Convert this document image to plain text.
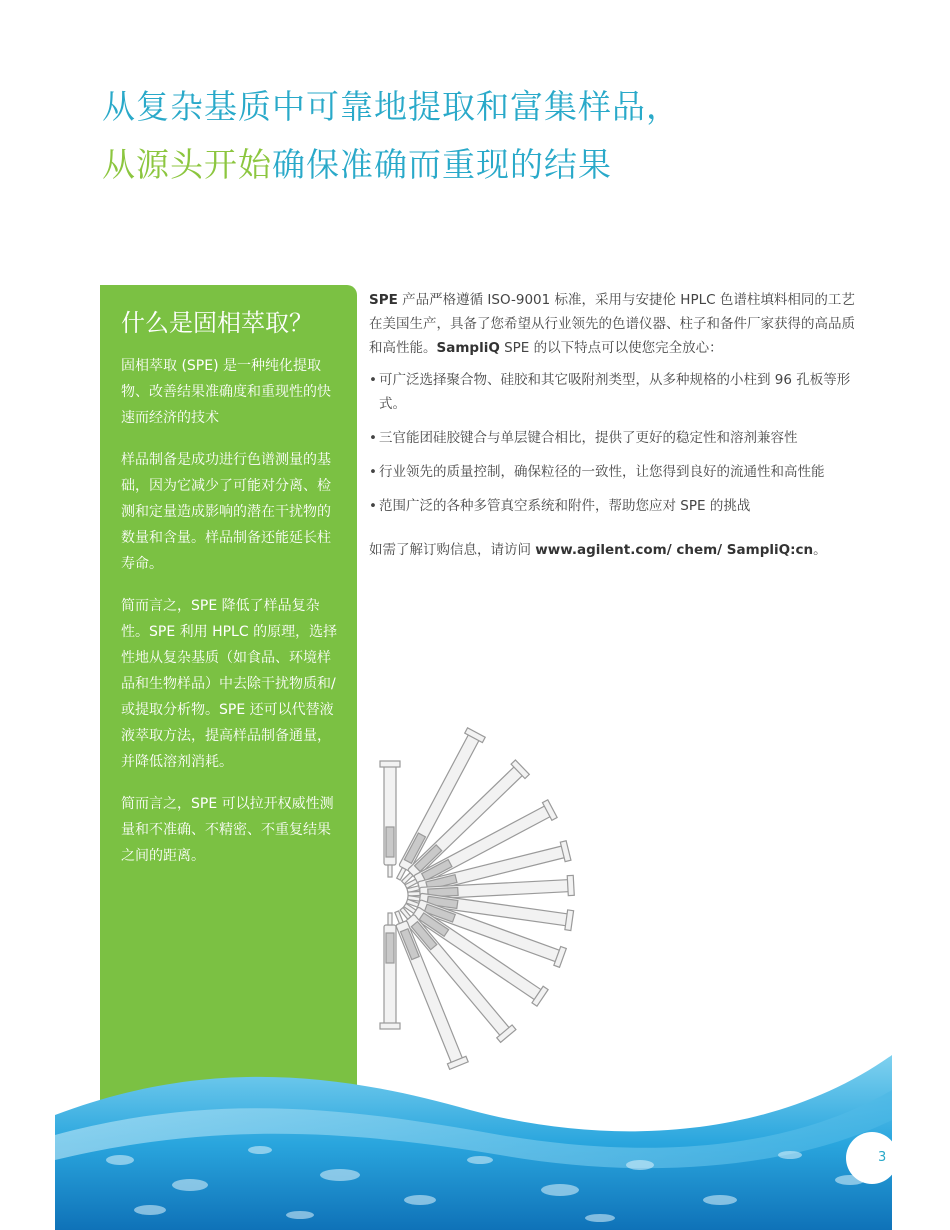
从复杂基质中可靠地提取和富集样品，
从源头开始确保准确而重现的结果
什么是固相萃取？

固相萃取 (SPE) 是一种纯化提取物、改善结果准确度和重现性的快速而经济的技术

样品制备是成功进行色谱测量的基础，因为它减少了可能对分离、检测和定量造成影响的潜在干扰物的数量和含量。样品制备还能延长柱寿命。

简而言之，SPE 降低了样品复杂性。SPE 利用 HPLC 的原理，选择性地从复杂基质（如食品、环境样品和生物样品）中去除干扰物质和/或提取分析物。SPE 还可以代替液液萃取方法，提高样品制备通量，并降低溶剂消耗。

简而言之，SPE 可以拉开权威性测量和不准确、不精密、不重复结果之间的距离。

SPE 产品严格遵循 ISO-9001 标准，采用与安捷伦 HPLC 色谱柱填料相同的工艺在美国生产，具备了您希望从行业领先的色谱仪器、柱子和备件厂家获得的高品质和高性能。SampliQ SPE 的以下特点可以使您完全放心：

• 可广泛选择聚合物、硅胶和其它吸附剂类型，从多种规格的小柱到 96 孔板等形式。
• 三官能团硅胶键合与单层键合相比，提供了更好的稳定性和溶剂兼容性
• 行业领先的质量控制，确保粒径的一致性，让您得到良好的流通性和高性能
• 范围广泛的各种多管真空系统和附件，帮助您应对 SPE 的挑战

如需了解订购信息，请访问 www.agilent.com/ chem/ SampliQ:cn。

3
